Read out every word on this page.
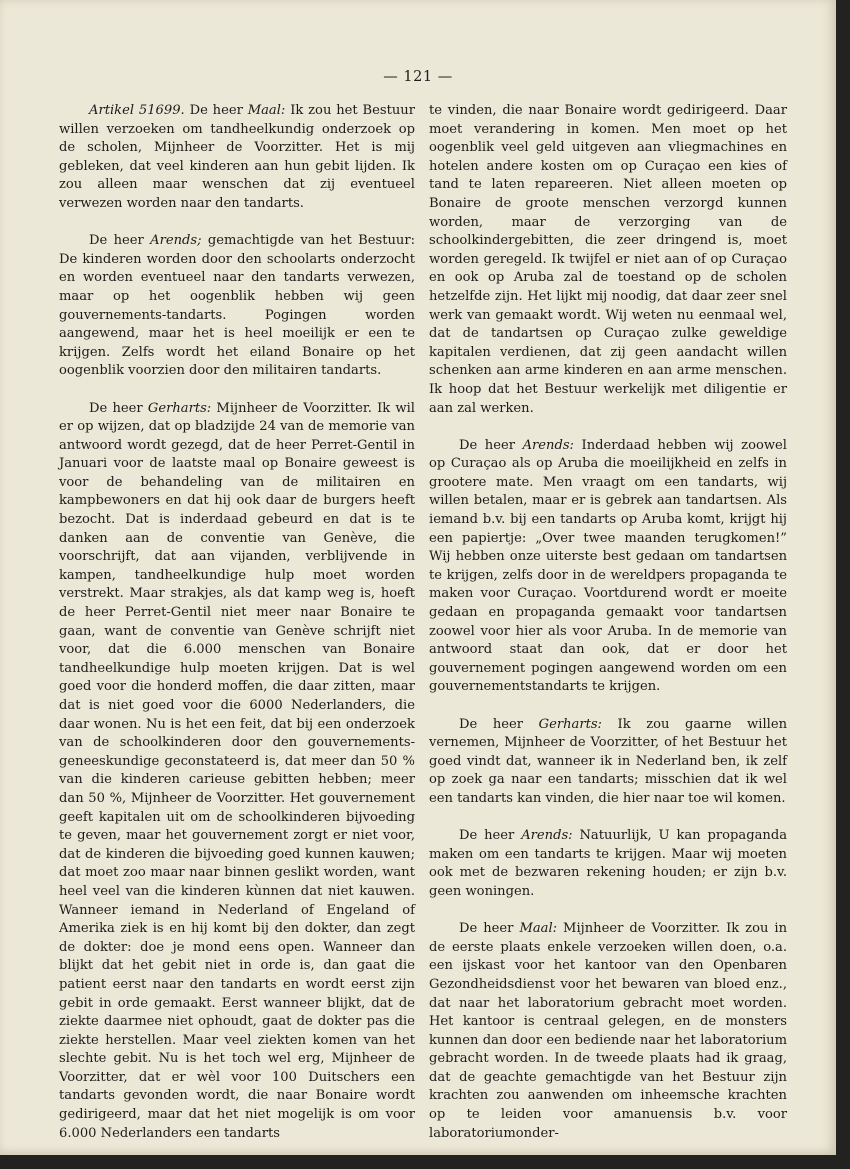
— 121 —

Artikel 51699. De heer Maal: Ik zou het Bestuur willen verzoeken om tandheelkundig onderzoek op de scholen, Mijnheer de Voorzitter. Het is mij gebleken, dat veel kinderen aan hun gebit lijden. Ik zou alleen maar wenschen dat zij eventueel verwezen worden naar den tandarts.

De heer Arends; gemachtigde van het Bestuur: De kinderen worden door den schoolarts onderzocht en worden eventueel naar den tandarts verwezen, maar op het oogenblik hebben wij geen gouvernements-tandarts. Pogingen worden aangewend, maar het is heel moeilijk er een te krijgen. Zelfs wordt het eiland Bonaire op het oogenblik voorzien door den militairen tandarts.

De heer Gerharts: Mijnheer de Voorzitter. Ik wil er op wijzen, dat op bladzijde 24 van de memorie van antwoord wordt gezegd, dat de heer Perret-Gentil in Januari voor de laatste maal op Bonaire geweest is voor de behandeling van de militairen en kampbewoners en dat hij ook daar de burgers heeft bezocht. Dat is inderdaad gebeurd en dat is te danken aan de conventie van Genève, die voorschrijft, dat aan vijanden, verblijvende in kampen, tandheelkundige hulp moet worden verstrekt. Maar strakjes, als dat kamp weg is, hoeft de heer Perret-Gentil niet meer naar Bonaire te gaan, want de conventie van Genève schrijft niet voor, dat die 6.000 menschen van Bonaire tandheelkundige hulp moeten krijgen. Dat is wel goed voor die honderd moffen, die daar zitten, maar dat is niet goed voor die 6000 Nederlanders, die daar wonen. Nu is het een feit, dat bij een onderzoek van de schoolkinderen door den gouvernements-geneeskundige geconstateerd is, dat meer dan 50 % van die kinderen carieuse gebitten hebben; meer dan 50 %, Mijnheer de Voorzitter. Het gouvernement geeft kapitalen uit om de schoolkinderen bijvoeding te geven, maar het gouvernement zorgt er niet voor, dat de kinderen die bijvoeding goed kunnen kauwen; dat moet zoo maar naar binnen geslikt worden, want heel veel van die kinderen kùnnen dat niet kauwen. Wanneer iemand in Nederland of Engeland of Amerika ziek is en hij komt bij den dokter, dan zegt de dokter: doe je mond eens open. Wanneer dan blijkt dat het gebit niet in orde is, dan gaat die patient eerst naar den tandarts en wordt eerst zijn gebit in orde gemaakt. Eerst wanneer blijkt, dat de ziekte daarmee niet ophoudt, gaat de dokter pas die ziekte herstellen. Maar veel ziekten komen van het slechte gebit. Nu is het toch wel erg, Mijnheer de Voorzitter, dat er wèl voor 100 Duitschers een tandarts gevonden wordt, die naar Bonaire wordt gedirigeerd, maar dat het niet mogelijk is om voor 6.000 Nederlanders een tandarts

te vinden, die naar Bonaire wordt gedirigeerd. Daar moet verandering in komen. Men moet op het oogenblik veel geld uitgeven aan vliegmachines en hotelen andere kosten om op Curaçao een kies of tand te laten repareeren. Niet alleen moeten op Bonaire de groote menschen verzorgd kunnen worden, maar de verzorging van de schoolkindergebitten, die zeer dringend is, moet worden geregeld. Ik twijfel er niet aan of op Curaçao en ook op Aruba zal de toestand op de scholen hetzelfde zijn. Het lijkt mij noodig, dat daar zeer snel werk van gemaakt wordt. Wij weten nu eenmaal wel, dat de tandartsen op Curaçao zulke geweldige kapitalen verdienen, dat zij geen aandacht willen schenken aan arme kinderen en aan arme menschen. Ik hoop dat het Bestuur werkelijk met diligentie er aan zal werken.

De heer Arends: Inderdaad hebben wij zoowel op Curaçao als op Aruba die moeilijkheid en zelfs in grootere mate. Men vraagt om een tandarts, wij willen betalen, maar er is gebrek aan tandartsen. Als iemand b.v. bij een tandarts op Aruba komt, krijgt hij een papiertje: „Over twee maanden terugkomen!” Wij hebben onze uiterste best gedaan om tandartsen te krijgen, zelfs door in de wereldpers propaganda te maken voor Curaçao. Voortdurend wordt er moeite gedaan en propaganda gemaakt voor tandartsen zoowel voor hier als voor Aruba. In de memorie van antwoord staat dan ook, dat er door het gouvernement pogingen aangewend worden om een gouvernementstandarts te krijgen.

De heer Gerharts: Ik zou gaarne willen vernemen, Mijnheer de Voorzitter, of het Bestuur het goed vindt dat, wanneer ik in Nederland ben, ik zelf op zoek ga naar een tandarts; misschien dat ik wel een tandarts kan vinden, die hier naar toe wil komen.

De heer Arends: Natuurlijk, U kan propaganda maken om een tandarts te krijgen. Maar wij moeten ook met de bezwaren rekening houden; er zijn b.v. geen woningen.

De heer Maal: Mijnheer de Voorzitter. Ik zou in de eerste plaats enkele verzoeken willen doen, o.a. een ijskast voor het kantoor van den Openbaren Gezondheidsdienst voor het bewaren van bloed enz., dat naar het laboratorium gebracht moet worden. Het kantoor is centraal gelegen, en de monsters kunnen dan door een bediende naar het laboratorium gebracht worden. In de tweede plaats had ik graag, dat de geachte gemachtigde van het Bestuur zijn krachten zou aanwenden om inheemsche krachten op te leiden voor amanuensis b.v. voor laboratoriumonder-
